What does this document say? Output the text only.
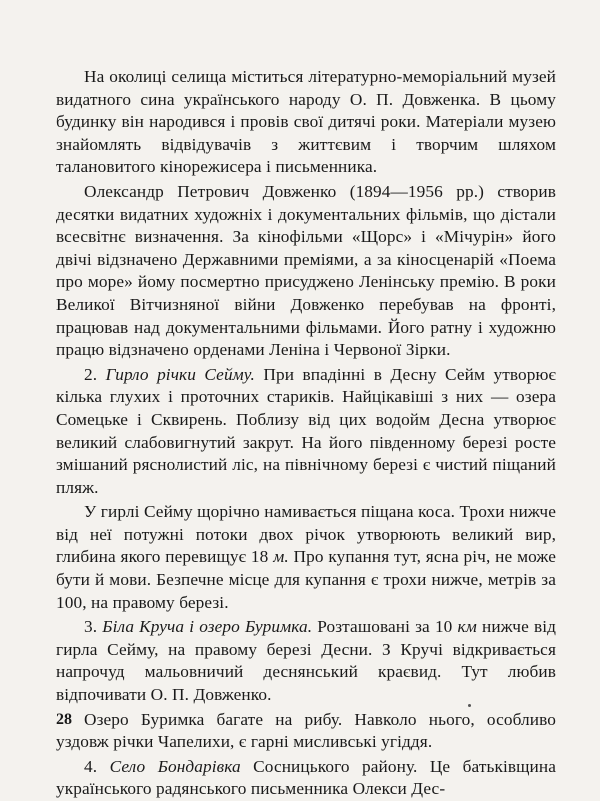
На околиці селища міститься літературно-меморіальний музей видатного сина українського народу О. П. Довженка. В цьому будинку він народився і провів свої дитячі роки. Матеріали музею знайомлять відвідувачів з життєвим і творчим шляхом талановитого кінорежисера і письменника.

Олександр Петрович Довженко (1894—1956 рр.) створив десятки видатних художніх і документальних фільмів, що дістали всесвітнє визначення. За кінофільми «Щорс» і «Мічурін» його двічі відзначено Державними преміями, а за кіносценарій «Поема про море» йому посмертно присуджено Ленінську премію. В роки Великої Вітчизняної війни Довженко перебував на фронті, працював над документальними фільмами. Його ратну і художню працю відзначено орденами Леніна і Червоної Зірки.

2. Гирло річки Сейму. При впадінні в Десну Сейм утворює кілька глухих і проточних стариків. Найцікавіші з них — озера Сомецьке і Сквирень. Поблизу від цих водойм Десна утворює великий слабовигнутий закрут. На його південному березі росте змішаний ряснолистий ліс, на північному березі є чистий піщаний пляж.

У гирлі Сейму щорічно намивається піщана коса. Трохи нижче від неї потужні потоки двох річок утворюють великий вир, глибина якого перевищує 18 м. Про купання тут, ясна річ, не може бути й мови. Безпечне місце для купання є трохи нижче, метрів за 100, на правому березі.

3. Біла Круча і озеро Буримка. Розташовані за 10 км нижче від гирла Сейму, на правому березі Десни. З Кручі відкривається напрочуд мальовничий деснянський краєвид. Тут любив відпочивати О. П. Довженко.

Озеро Буримка багате на рибу. Навколо нього, особливо уздовж річки Чапелихи, є гарні мисливські угіддя.

4. Село Бондарівка Сосницького району. Це батьківщина українського радянського письменника Олекси Дес-

28
